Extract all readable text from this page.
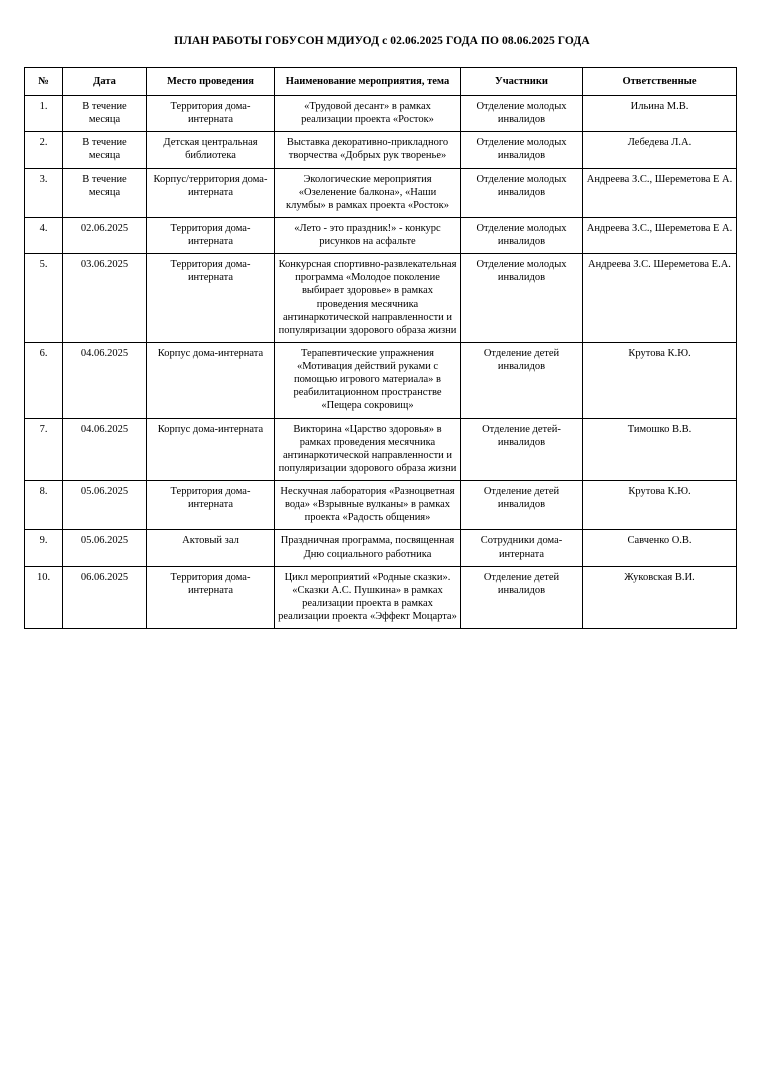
ПЛАН РАБОТЫ ГОБУСОН МДИУОД с 02.06.2025 ГОДА ПО 08.06.2025 ГОДА
№	Дата	Место проведения	Наименование мероприятия, тема	Участники	Ответственные
1.	В течение месяца	Территория дома-интерната	«Трудовой десант» в рамках реализации проекта «Росток»	Отделение молодых инвалидов	Ильина М.В.
2.	В течение месяца	Детская центральная библиотека	Выставка декоративно-прикладного творчества «Добрых рук творенье»	Отделение молодых инвалидов	Лебедева Л.А.
3.	В течение месяца	Корпус/территория дома-интерната	Экологические мероприятия «Озеленение балкона», «Наши клумбы» в рамках проекта «Росток»	Отделение молодых инвалидов	Андреева З.С., Шереметова Е А.
4.	02.06.2025	Территория дома-интерната	«Лето - это праздник!» - конкурс рисунков на асфальте	Отделение молодых инвалидов	Андреева З.С., Шереметова Е А.
5.	03.06.2025	Территория дома-интерната	Конкурсная спортивно-развлекательная программа «Молодое поколение выбирает здоровье» в рамках проведения месячника антинаркотической направленности и популяризации здорового образа жизни	Отделение молодых инвалидов	Андреева З.С. Шереметова Е.А.
6.	04.06.2025	Корпус дома-интерната	Терапевтические упражнения «Мотивация действий руками с помощью игрового материала» в реабилитационном пространстве «Пещера сокровищ»	Отделение детей инвалидов	Крутова К.Ю.
7.	04.06.2025	Корпус дома-интерната	Викторина «Царство здоровья» в рамках проведения месячника антинаркотической направленности и популяризации здорового образа жизни	Отделение детей-инвалидов	Тимошко В.В.
8.	05.06.2025	Территория дома-интерната	Нескучная лаборатория «Разноцветная вода» «Взрывные вулканы» в рамках проекта «Радость общения»	Отделение детей инвалидов	Крутова К.Ю.
9.	05.06.2025	Актовый зал	Праздничная программа, посвященная Дню социального работника	Сотрудники дома-интерната	Савченко О.В.
10.	06.06.2025	Территория дома-интерната	Цикл мероприятий «Родные сказки». «Сказки А.С. Пушкина» в рамках реализации проекта в рамках реализации проекта «Эффект Моцарта»	Отделение детей инвалидов	Жуковская В.И.
